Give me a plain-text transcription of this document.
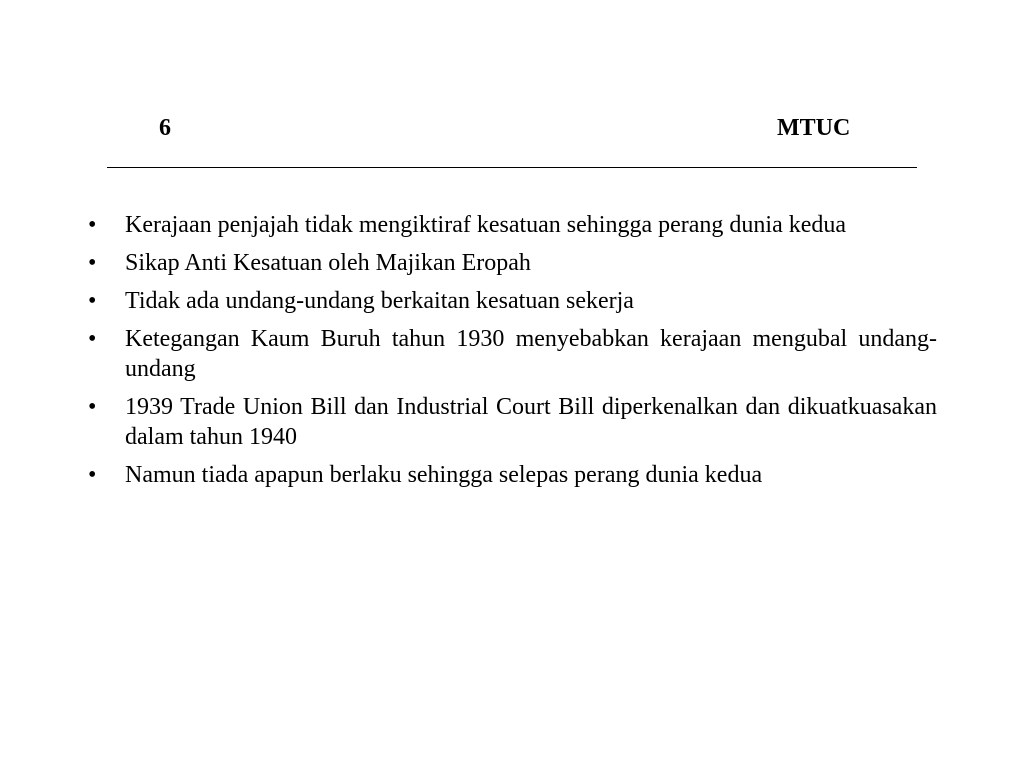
6	MTUC
• Kerajaan penjajah tidak mengiktiraf kesatuan sehingga perang dunia kedua
• Sikap Anti Kesatuan oleh Majikan Eropah
• Tidak ada undang-undang berkaitan kesatuan sekerja
• Ketegangan Kaum Buruh tahun 1930 menyebabkan kerajaan mengubal undang-undang
• 1939 Trade Union Bill dan Industrial Court Bill diperkenalkan dan dikuatkuasakan dalam tahun 1940
• Namun tiada apapun berlaku sehingga selepas perang dunia kedua
